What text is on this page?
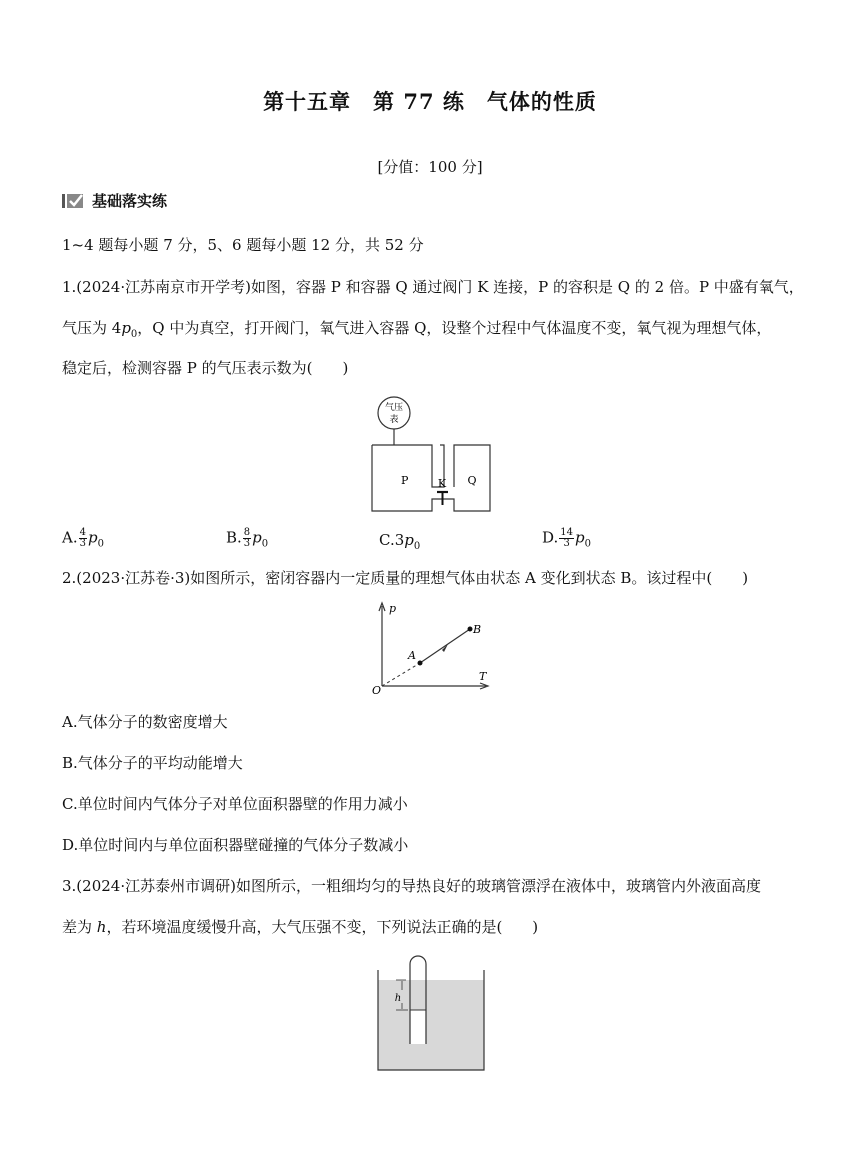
第十五章　第 77 练　气体的性质
[分值：100 分]
基础落实练
1~4 题每小题 7 分，5、6 题每小题 12 分，共 52 分
1.(2024·江苏南京市开学考)如图，容器 P 和容器 Q 通过阀门 K 连接，P 的容积是 Q 的 2 倍。P 中盛有氧气，
气压为 $4p_0$，Q 中为真空，打开阀门，氧气进入容器 Q，设整个过程中气体温度不变，氧气视为理想气体，
稳定后，检测容器 P 的气压表示数为(　　)
气压
表
P	K Q
A. $\frac{4}{3} p_0$	B. $\frac{8}{3} p_0$	$C.3p_0$	D. $\frac{14}{3} p_0$
2.(2023·江苏卷·3)如图所示，密闭容器内一定质量的理想气体由状态 A 变化到状态 B。该过程中(　　)
p
T
O
A
B
A.气体分子的数密度增大
B.气体分子的平均动能增大
C.单位时间内气体分子对单位面积器壁的作用力减小
D.单位时间内与单位面积器壁碰撞的气体分子数减小
3.(2024·江苏泰州市调研)如图所示，一粗细均匀的导热良好的玻璃管漂浮在液体中，玻璃管内外液面高度
差为 h，若环境温度缓慢升高，大气压强不变，下列说法正确的是(　　)
h
